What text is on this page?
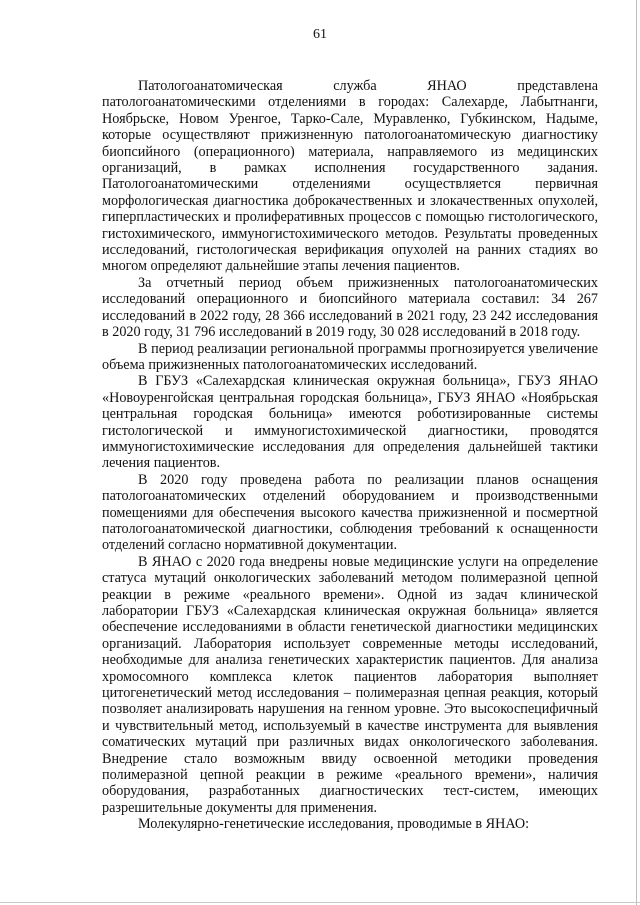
61

Патологоанатомическая служба ЯНАО представлена патологоанатомическими отделениями в городах: Салехарде, Лабытнанги, Ноябрьске, Новом Уренгое, Тарко-Сале, Муравленко, Губкинском, Надыме, которые осуществляют прижизненную патологоанатомическую диагностику биопсийного (операционного) материала, направляемого из медицинских организаций, в рамках исполнения государственного задания. Патологоанатомическими отделениями осуществляется первичная морфологическая диагностика доброкачественных и злокачественных опухолей, гиперпластических и пролиферативных процессов с помощью гистологического, гистохимического, иммуногистохимического методов. Результаты проведенных исследований, гистологическая верификация опухолей на ранних стадиях во многом определяют дальнейшие этапы лечения пациентов.

За отчетный период объем прижизненных патологоанатомических исследований операционного и биопсийного материала составил: 34 267 исследований в 2022 году, 28 366 исследований в 2021 году, 23 242 исследования в 2020 году, 31 796 исследований в 2019 году, 30 028 исследований в 2018 году.

В период реализации региональной программы прогнозируется увеличение объема прижизненных патологоанатомических исследований.

В ГБУЗ «Салехардская клиническая окружная больница», ГБУЗ ЯНАО «Новоуренгойская центральная городская больница», ГБУЗ ЯНАО «Ноябрьская центральная городская больница» имеются роботизированные системы гистологической и иммуногистохимической диагностики, проводятся иммуногистохимические исследования для определения дальнейшей тактики лечения пациентов.

В 2020 году проведена работа по реализации планов оснащения патологоанатомических отделений оборудованием и производственными помещениями для обеспечения высокого качества прижизненной и посмертной патологоанатомической диагностики, соблюдения требований к оснащенности отделений согласно нормативной документации.

В ЯНАО с 2020 года внедрены новые медицинские услуги на определение статуса мутаций онкологических заболеваний методом полимеразной цепной реакции в режиме «реального времени». Одной из задач клинической лаборатории ГБУЗ «Салехардская клиническая окружная больница» является обеспечение исследованиями в области генетической диагностики медицинских организаций. Лаборатория использует современные методы исследований, необходимые для анализа генетических характеристик пациентов. Для анализа хромосомного комплекса клеток пациентов лаборатория выполняет цитогенетический метод исследования – полимеразная цепная реакция, который позволяет анализировать нарушения на генном уровне. Это высокоспецифичный и чувствительный метод, используемый в качестве инструмента для выявления соматических мутаций при различных видах онкологического заболевания. Внедрение стало возможным ввиду освоенной методики проведения полимеразной цепной реакции в режиме «реального времени», наличия оборудования, разработанных диагностических тест-систем, имеющих разрешительные документы для применения.

Молекулярно-генетические исследования, проводимые в ЯНАО:
